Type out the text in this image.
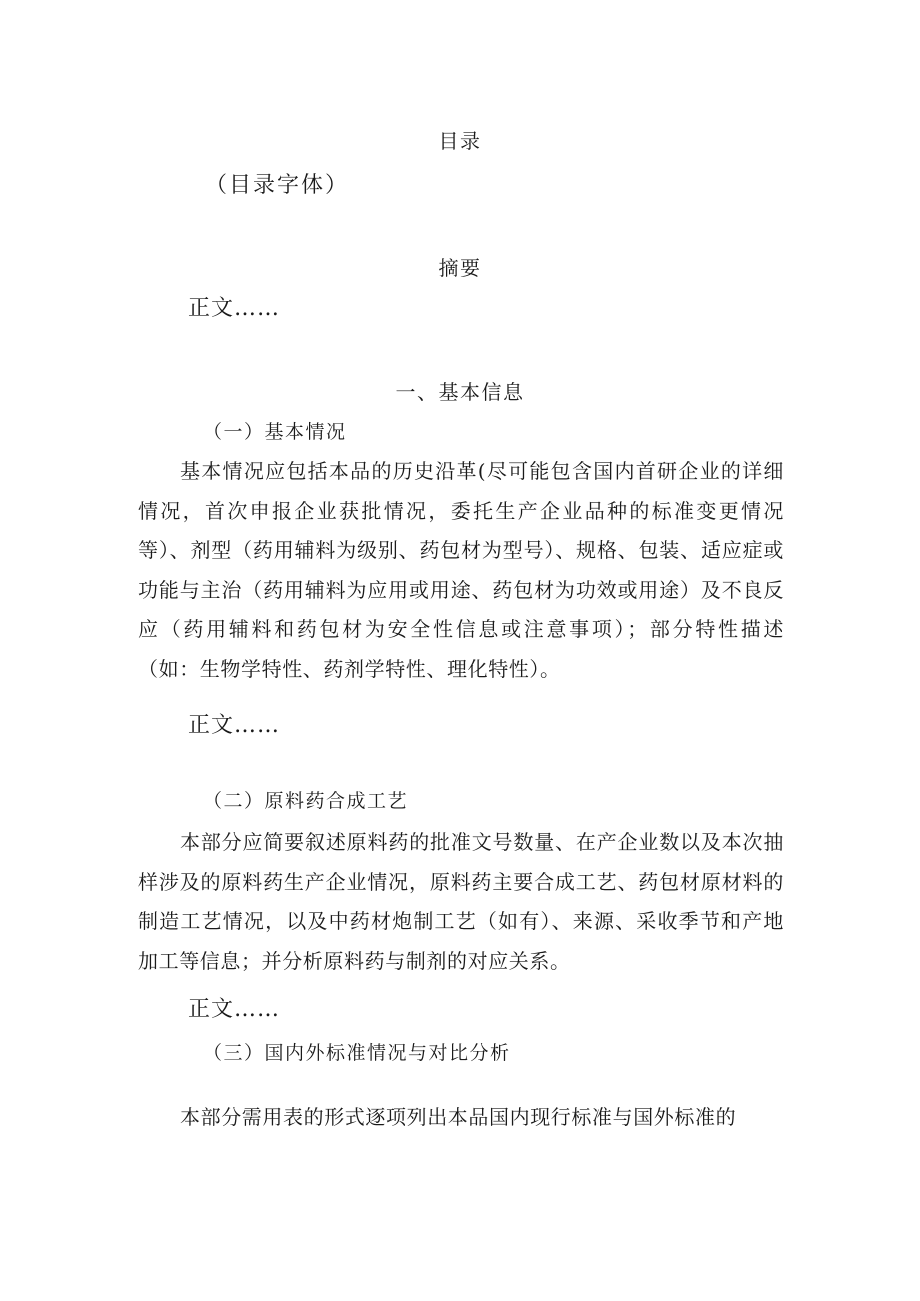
目录
（目录字体）
摘要
正文……
一、基本信息
（一）基本情况
基本情况应包括本品的历史沿革(尽可能包含国内首研企业的详细情况，首次申报企业获批情况，委托生产企业品种的标准变更情况等）、剂型（药用辅料为级别、药包材为型号）、规格、包装、适应症或功能与主治（药用辅料为应用或用途、药包材为功效或用途）及不良反应（药用辅料和药包材为安全性信息或注意事项）；部分特性描述（如：生物学特性、药剂学特性、理化特性）。
正文……
（二）原料药合成工艺
本部分应简要叙述原料药的批准文号数量、在产企业数以及本次抽样涉及的原料药生产企业情况，原料药主要合成工艺、药包材原材料的制造工艺情况，以及中药材炮制工艺（如有）、来源、采收季节和产地加工等信息；并分析原料药与制剂的对应关系。
正文……
（三）国内外标准情况与对比分析
本部分需用表的形式逐项列出本品国内现行标准与国外标准的
